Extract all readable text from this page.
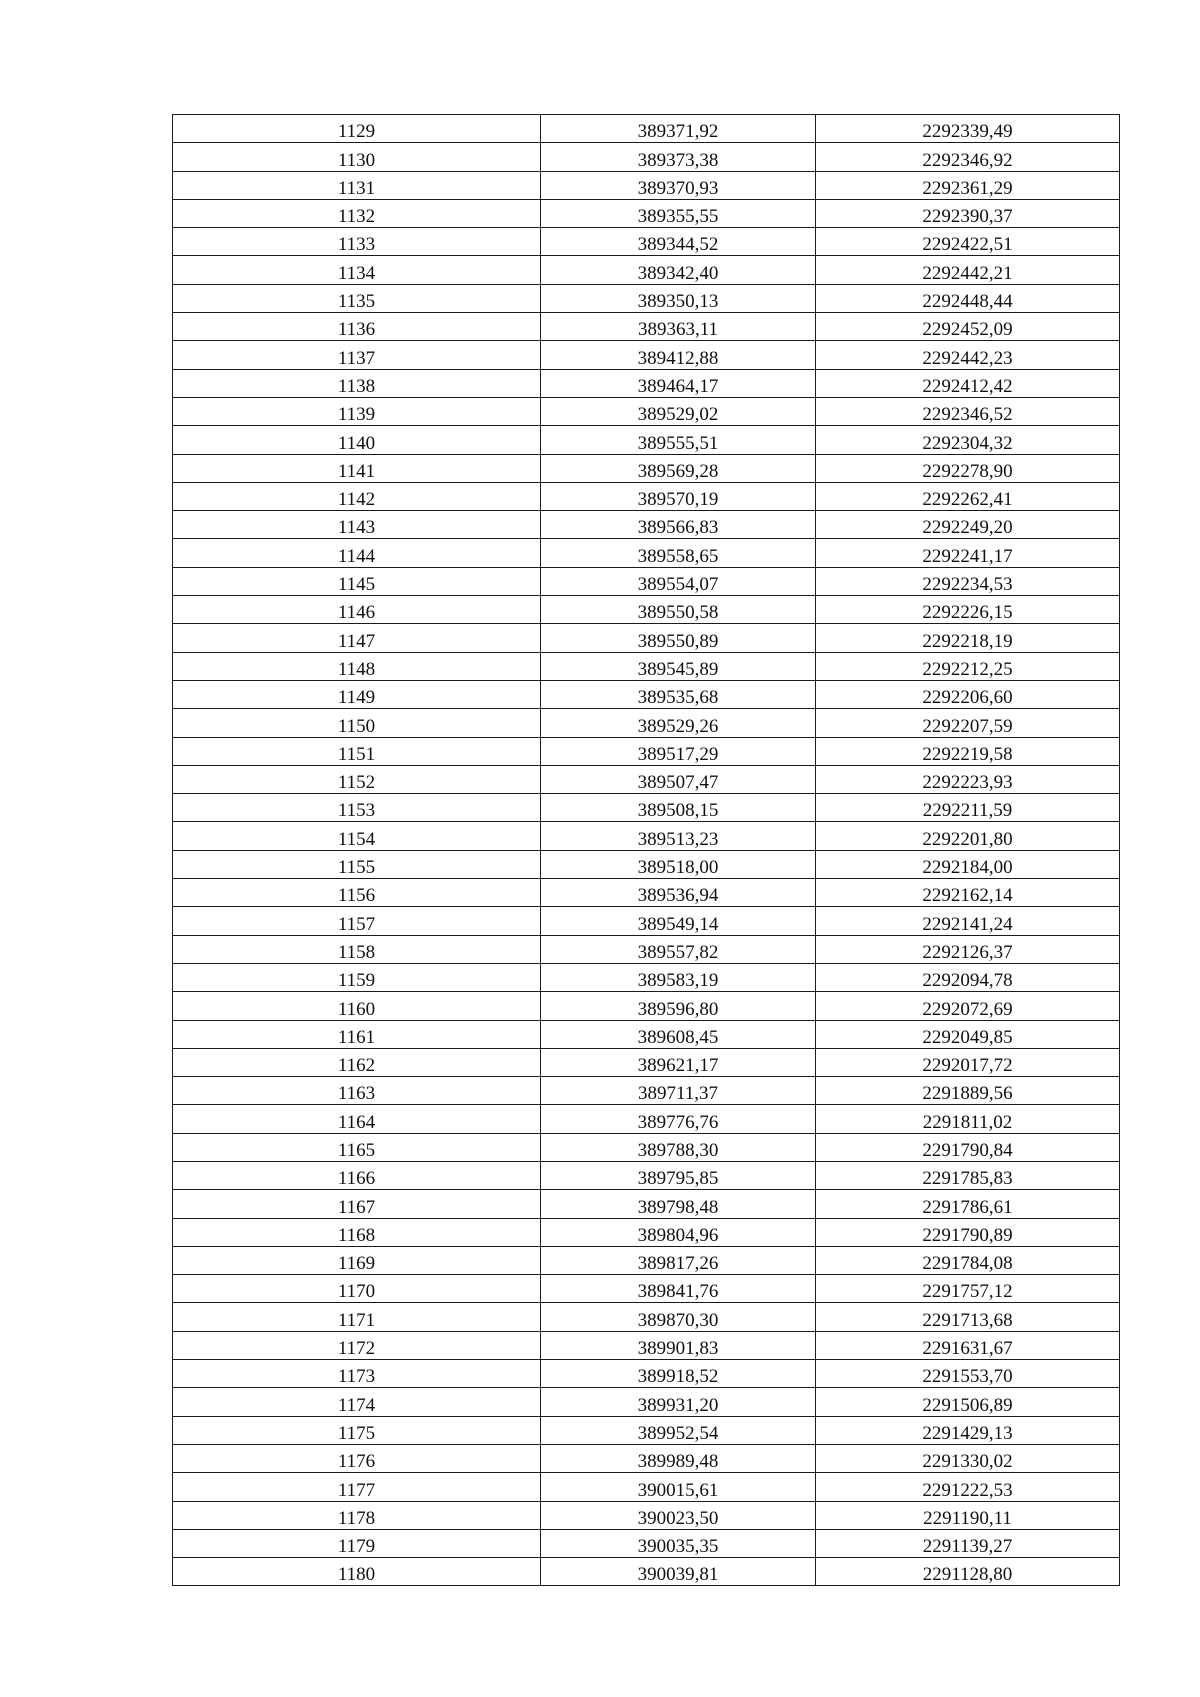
1129	389371,92	2292339,49
1130	389373,38	2292346,92
1131	389370,93	2292361,29
1132	389355,55	2292390,37
1133	389344,52	2292422,51
1134	389342,40	2292442,21
1135	389350,13	2292448,44
1136	389363,11	2292452,09
1137	389412,88	2292442,23
1138	389464,17	2292412,42
1139	389529,02	2292346,52
1140	389555,51	2292304,32
1141	389569,28	2292278,90
1142	389570,19	2292262,41
1143	389566,83	2292249,20
1144	389558,65	2292241,17
1145	389554,07	2292234,53
1146	389550,58	2292226,15
1147	389550,89	2292218,19
1148	389545,89	2292212,25
1149	389535,68	2292206,60
1150	389529,26	2292207,59
1151	389517,29	2292219,58
1152	389507,47	2292223,93
1153	389508,15	2292211,59
1154	389513,23	2292201,80
1155	389518,00	2292184,00
1156	389536,94	2292162,14
1157	389549,14	2292141,24
1158	389557,82	2292126,37
1159	389583,19	2292094,78
1160	389596,80	2292072,69
1161	389608,45	2292049,85
1162	389621,17	2292017,72
1163	389711,37	2291889,56
1164	389776,76	2291811,02
1165	389788,30	2291790,84
1166	389795,85	2291785,83
1167	389798,48	2291786,61
1168	389804,96	2291790,89
1169	389817,26	2291784,08
1170	389841,76	2291757,12
1171	389870,30	2291713,68
1172	389901,83	2291631,67
1173	389918,52	2291553,70
1174	389931,20	2291506,89
1175	389952,54	2291429,13
1176	389989,48	2291330,02
1177	390015,61	2291222,53
1178	390023,50	2291190,11
1179	390035,35	2291139,27
1180	390039,81	2291128,80
